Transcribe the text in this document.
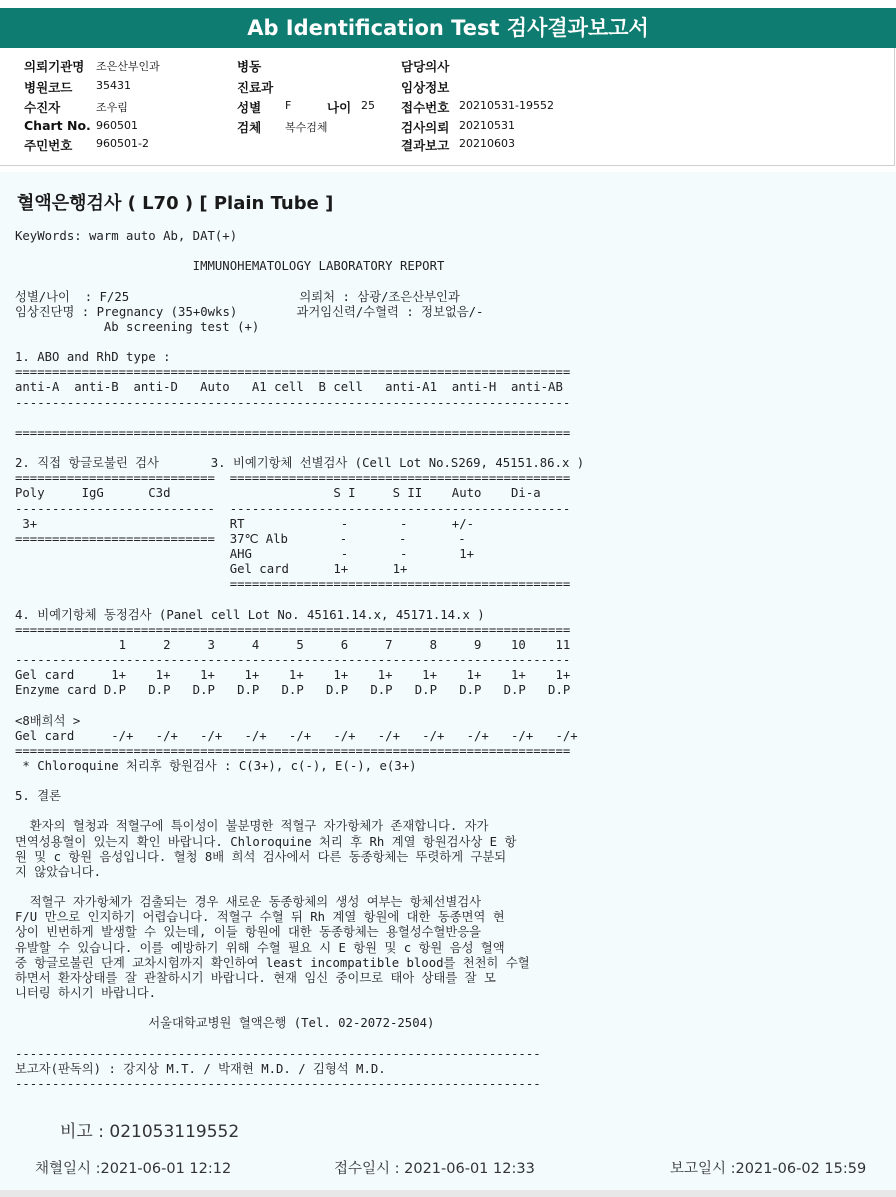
Ab Identification Test 검사결과보고서
의뢰기관명 조은산부인과
병원코드 35431
수진자	조우림
Chart No. 960501
주민번호 960501-2
병동
진료과
성별 F	나이 25
검체 복수검체
담당의사
임상정보
접수번호 20210531-19552
검사의뢰 20210531
결과보고 20210603
혈액은행검사 ( L70 ) [ Plain Tube ]
KeyWords: warm auto Ab, DAT(+)
IMMUNOHEMATOLOGY LABORATORY REPORT
성별/나이  : F/25                       의뢰처 : 삼광/조은산부인과
임상진단명 : Pregnancy (35+0wks)        과거임신력/수혈력 : 정보없음/-
Ab screening test (+)
1. ABO and RhD type :
===========================================================================
anti-A  anti-B  anti-D   Auto   A1 cell  B cell   anti-A1  anti-H  anti-AB
---------------------------------------------------------------------------
===========================================================================
2. 직접 항글로불린 검사       3. 비예기항체 선별검사 (Cell Lot No.S269, 45151.86.x )
===========================  ==============================================
Poly     IgG      C3d                      S I     S II    Auto    Di-a
---------------------------  ----------------------------------------------
3+                          RT             -       -      +/-
===========================  37℃ Alb       -       -       -
AHG            -       -       1+
Gel card      1+      1+
==============================================
4. 비예기항체 동정검사 (Panel cell Lot No. 45161.14.x, 45171.14.x )
===========================================================================
1     2     3     4     5     6     7     8     9    10    11
---------------------------------------------------------------------------
Gel card     1+    1+    1+    1+    1+    1+    1+    1+    1+    1+    1+
Enzyme card D.P   D.P   D.P   D.P   D.P   D.P   D.P   D.P   D.P   D.P   D.P
<8배희석 >
Gel card     -/+   -/+   -/+   -/+   -/+   -/+   -/+   -/+   -/+   -/+   -/+
===========================================================================
* Chloroquine 처리후 항원검사 : C(3+), c(-), E(-), e(3+)
5. 결론
환자의 혈청과 적혈구에 특이성이 불분명한 적혈구 자가항체가 존재합니다. 자가
면역성용혈이 있는지 확인 바랍니다. Chloroquine 처리 후 Rh 계열 항원검사상 E 항
원 및 c 항원 음성입니다. 혈청 8배 희석 검사에서 다른 동종항체는 뚜렷하게 구분되
지 않았습니다.
적혈구 자가항체가 검출되는 경우 새로운 동종항체의 생성 여부는 항체선별검사
F/U 만으로 인지하기 어렵습니다. 적혈구 수혈 뒤 Rh 계열 항원에 대한 동종면역 현
상이 빈번하게 발생할 수 있는데, 이들 항원에 대한 동종항체는 용혈성수혈반응을
유발할 수 있습니다. 이를 예방하기 위해 수혈 필요 시 E 항원 및 c 항원 음성 혈액
중 항글로불린 단계 교차시험까지 확인하여 least incompatible blood를 천천히 수혈
하면서 환자상태를 잘 관찰하시기 바랍니다. 현재 임신 중이므로 태아 상태를 잘 모
니터링 하시기 바랍니다.
서울대학교병원 혈액은행 (Tel. 02-2072-2504)
-----------------------------------------------------------------------
보고자(판독의) : 강지상 M.T. / 박재현 M.D. / 김형석 M.D.
-----------------------------------------------------------------------
비고 : 021053119552
채혈일시 :2021-06-01 12:12	접수일시 : 2021-06-01 12:33	보고일시 :2021-06-02 15:59
